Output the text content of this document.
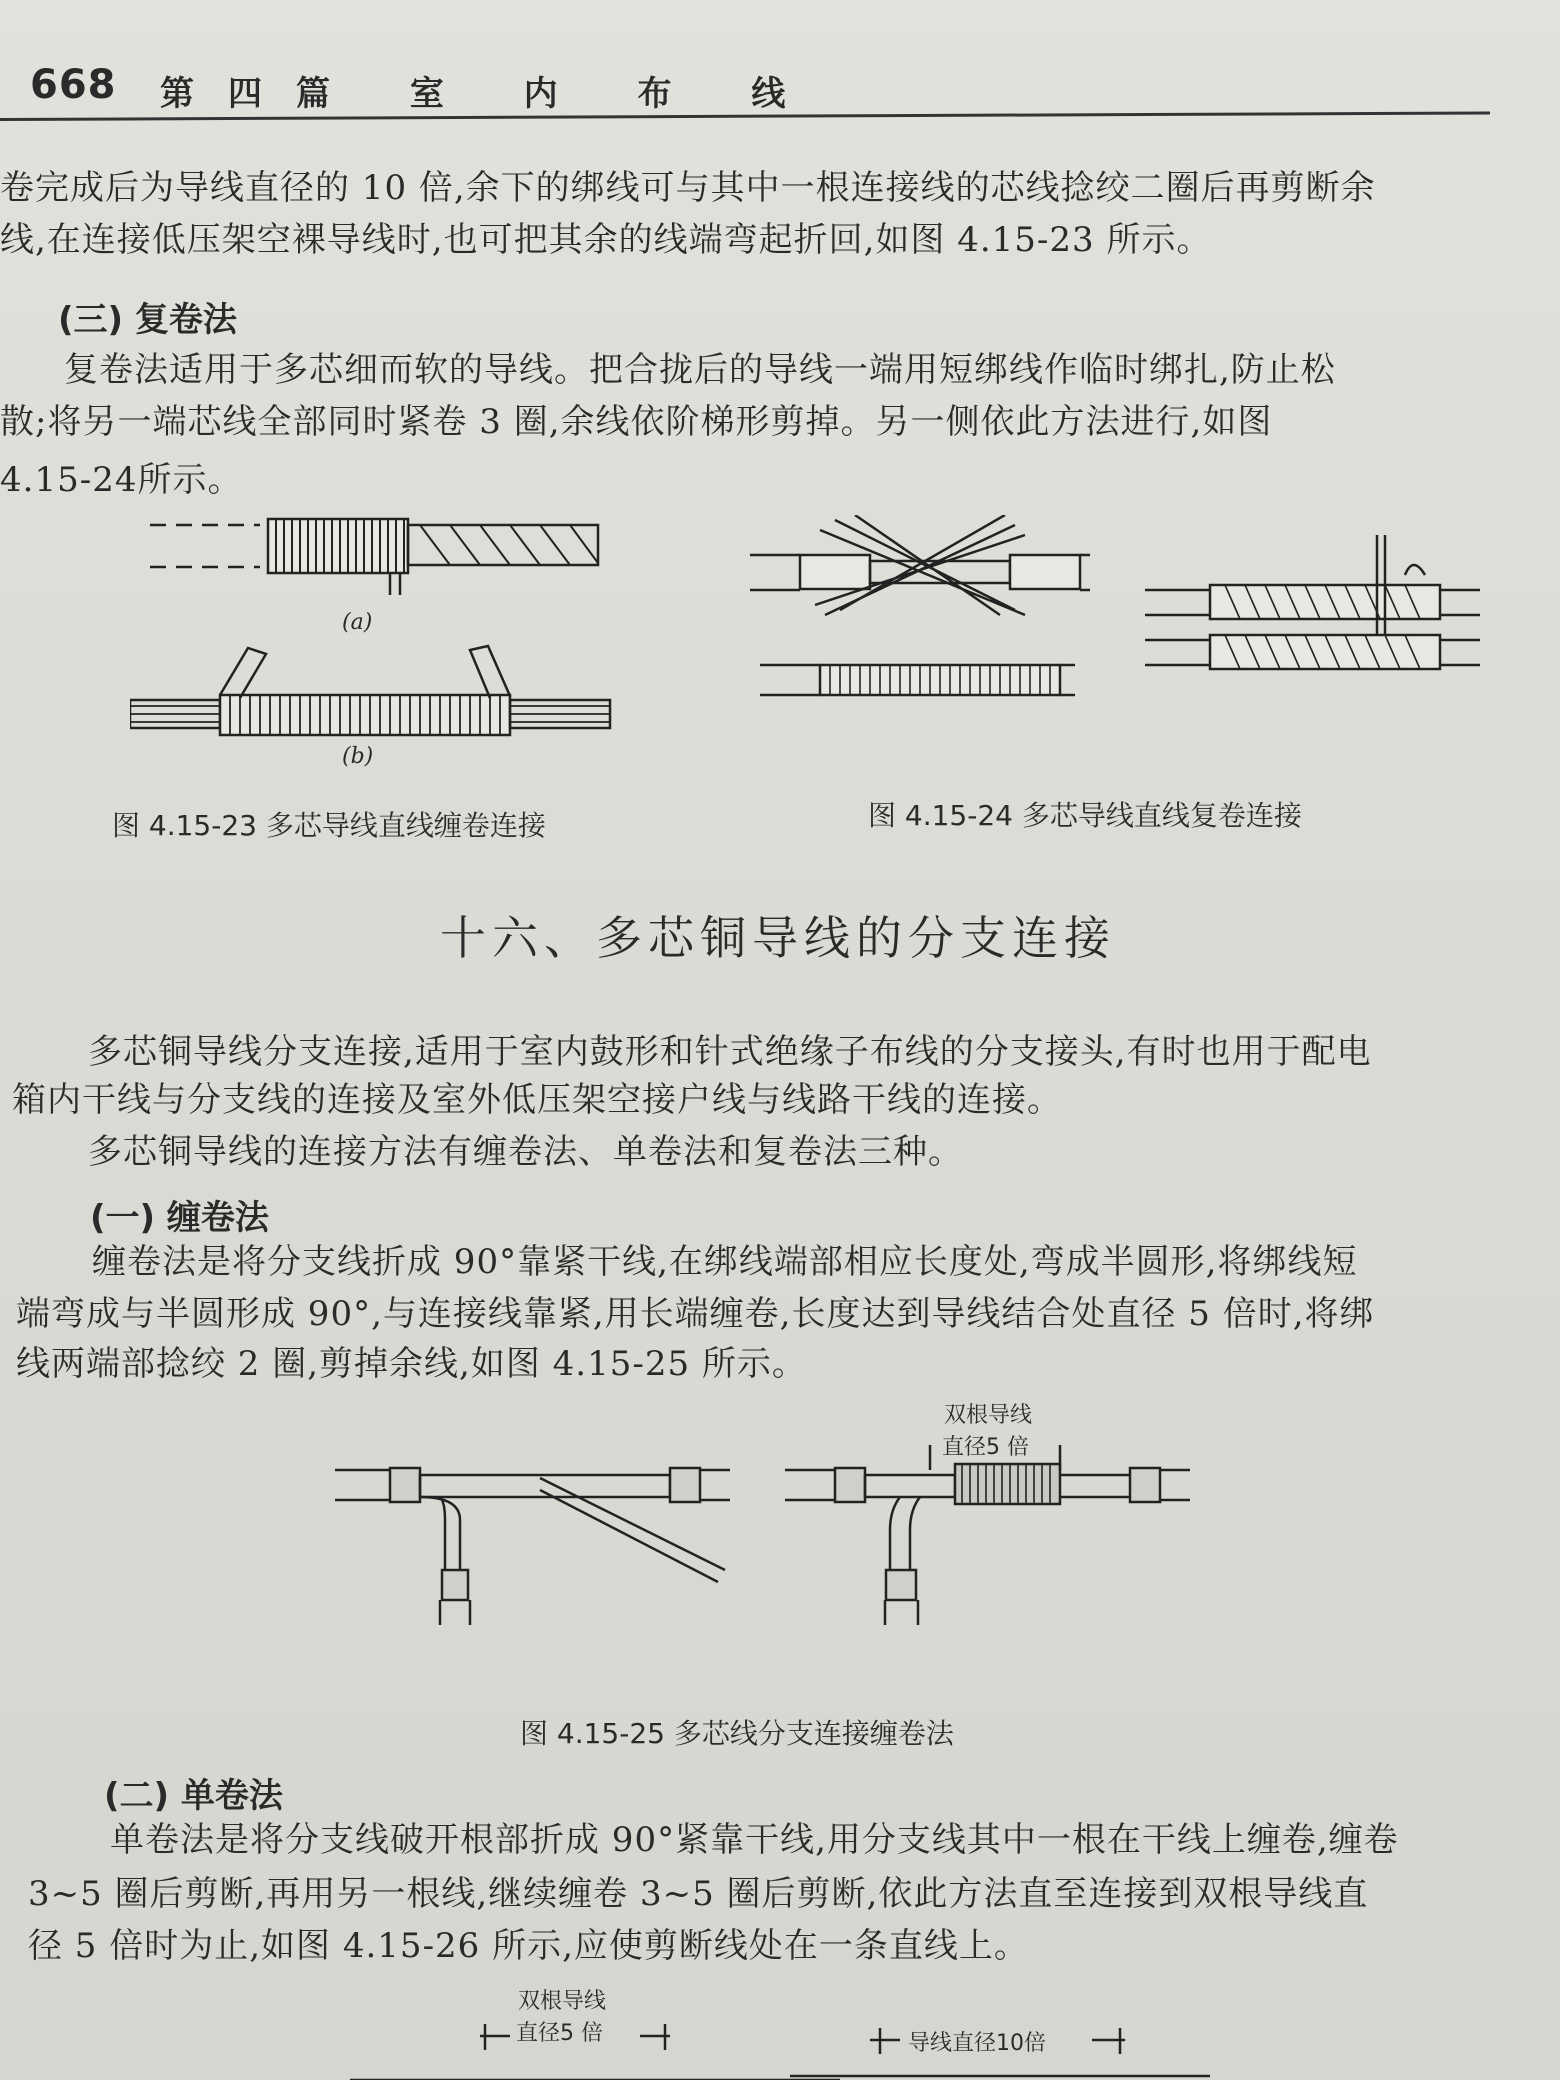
668 第四篇 室 内 布 线
卷完成后为导线直径的 10 倍,余下的绑线可与其中一根连接线的芯线捻绞二圈后再剪断余
线,在连接低压架空裸导线时,也可把其余的线端弯起折回,如图 4.15-23 所示。
(三) 复卷法
复卷法适用于多芯细而软的导线。把合拢后的导线一端用短绑线作临时绑扎,防止松
散;将另一端芯线全部同时紧卷 3 圈,余线依阶梯形剪掉。另一侧依此方法进行,如图
4.15-24所示。
(a)
(b)
图 4.15-23 多芯导线直线缠卷连接	图 4.15-24 多芯导线直线复卷连接
十六、多芯铜导线的分支连接
多芯铜导线分支连接,适用于室内鼓形和针式绝缘子布线的分支接头,有时也用于配电
箱内干线与分支线的连接及室外低压架空接户线与线路干线的连接。
多芯铜导线的连接方法有缠卷法、单卷法和复卷法三种。
(一) 缠卷法
缠卷法是将分支线折成 90°靠紧干线,在绑线端部相应长度处,弯成半圆形,将绑线短
端弯成与半圆形成 90°,与连接线靠紧,用长端缠卷,长度达到导线结合处直径 5 倍时,将绑
线两端部捻绞 2 圈,剪掉余线,如图 4.15-25 所示。
双根导线
直径5 倍
图 4.15-25 多芯线分支连接缠卷法
(二) 单卷法
单卷法是将分支线破开根部折成 90°紧靠干线,用分支线其中一根在干线上缠卷,缠卷
3~5 圈后剪断,再用另一根线,继续缠卷 3~5 圈后剪断,依此方法直至连接到双根导线直
径 5 倍时为止,如图 4.15-26 所示,应使剪断线处在一条直线上。
双根导线
直径5 倍	导线直径10倍
